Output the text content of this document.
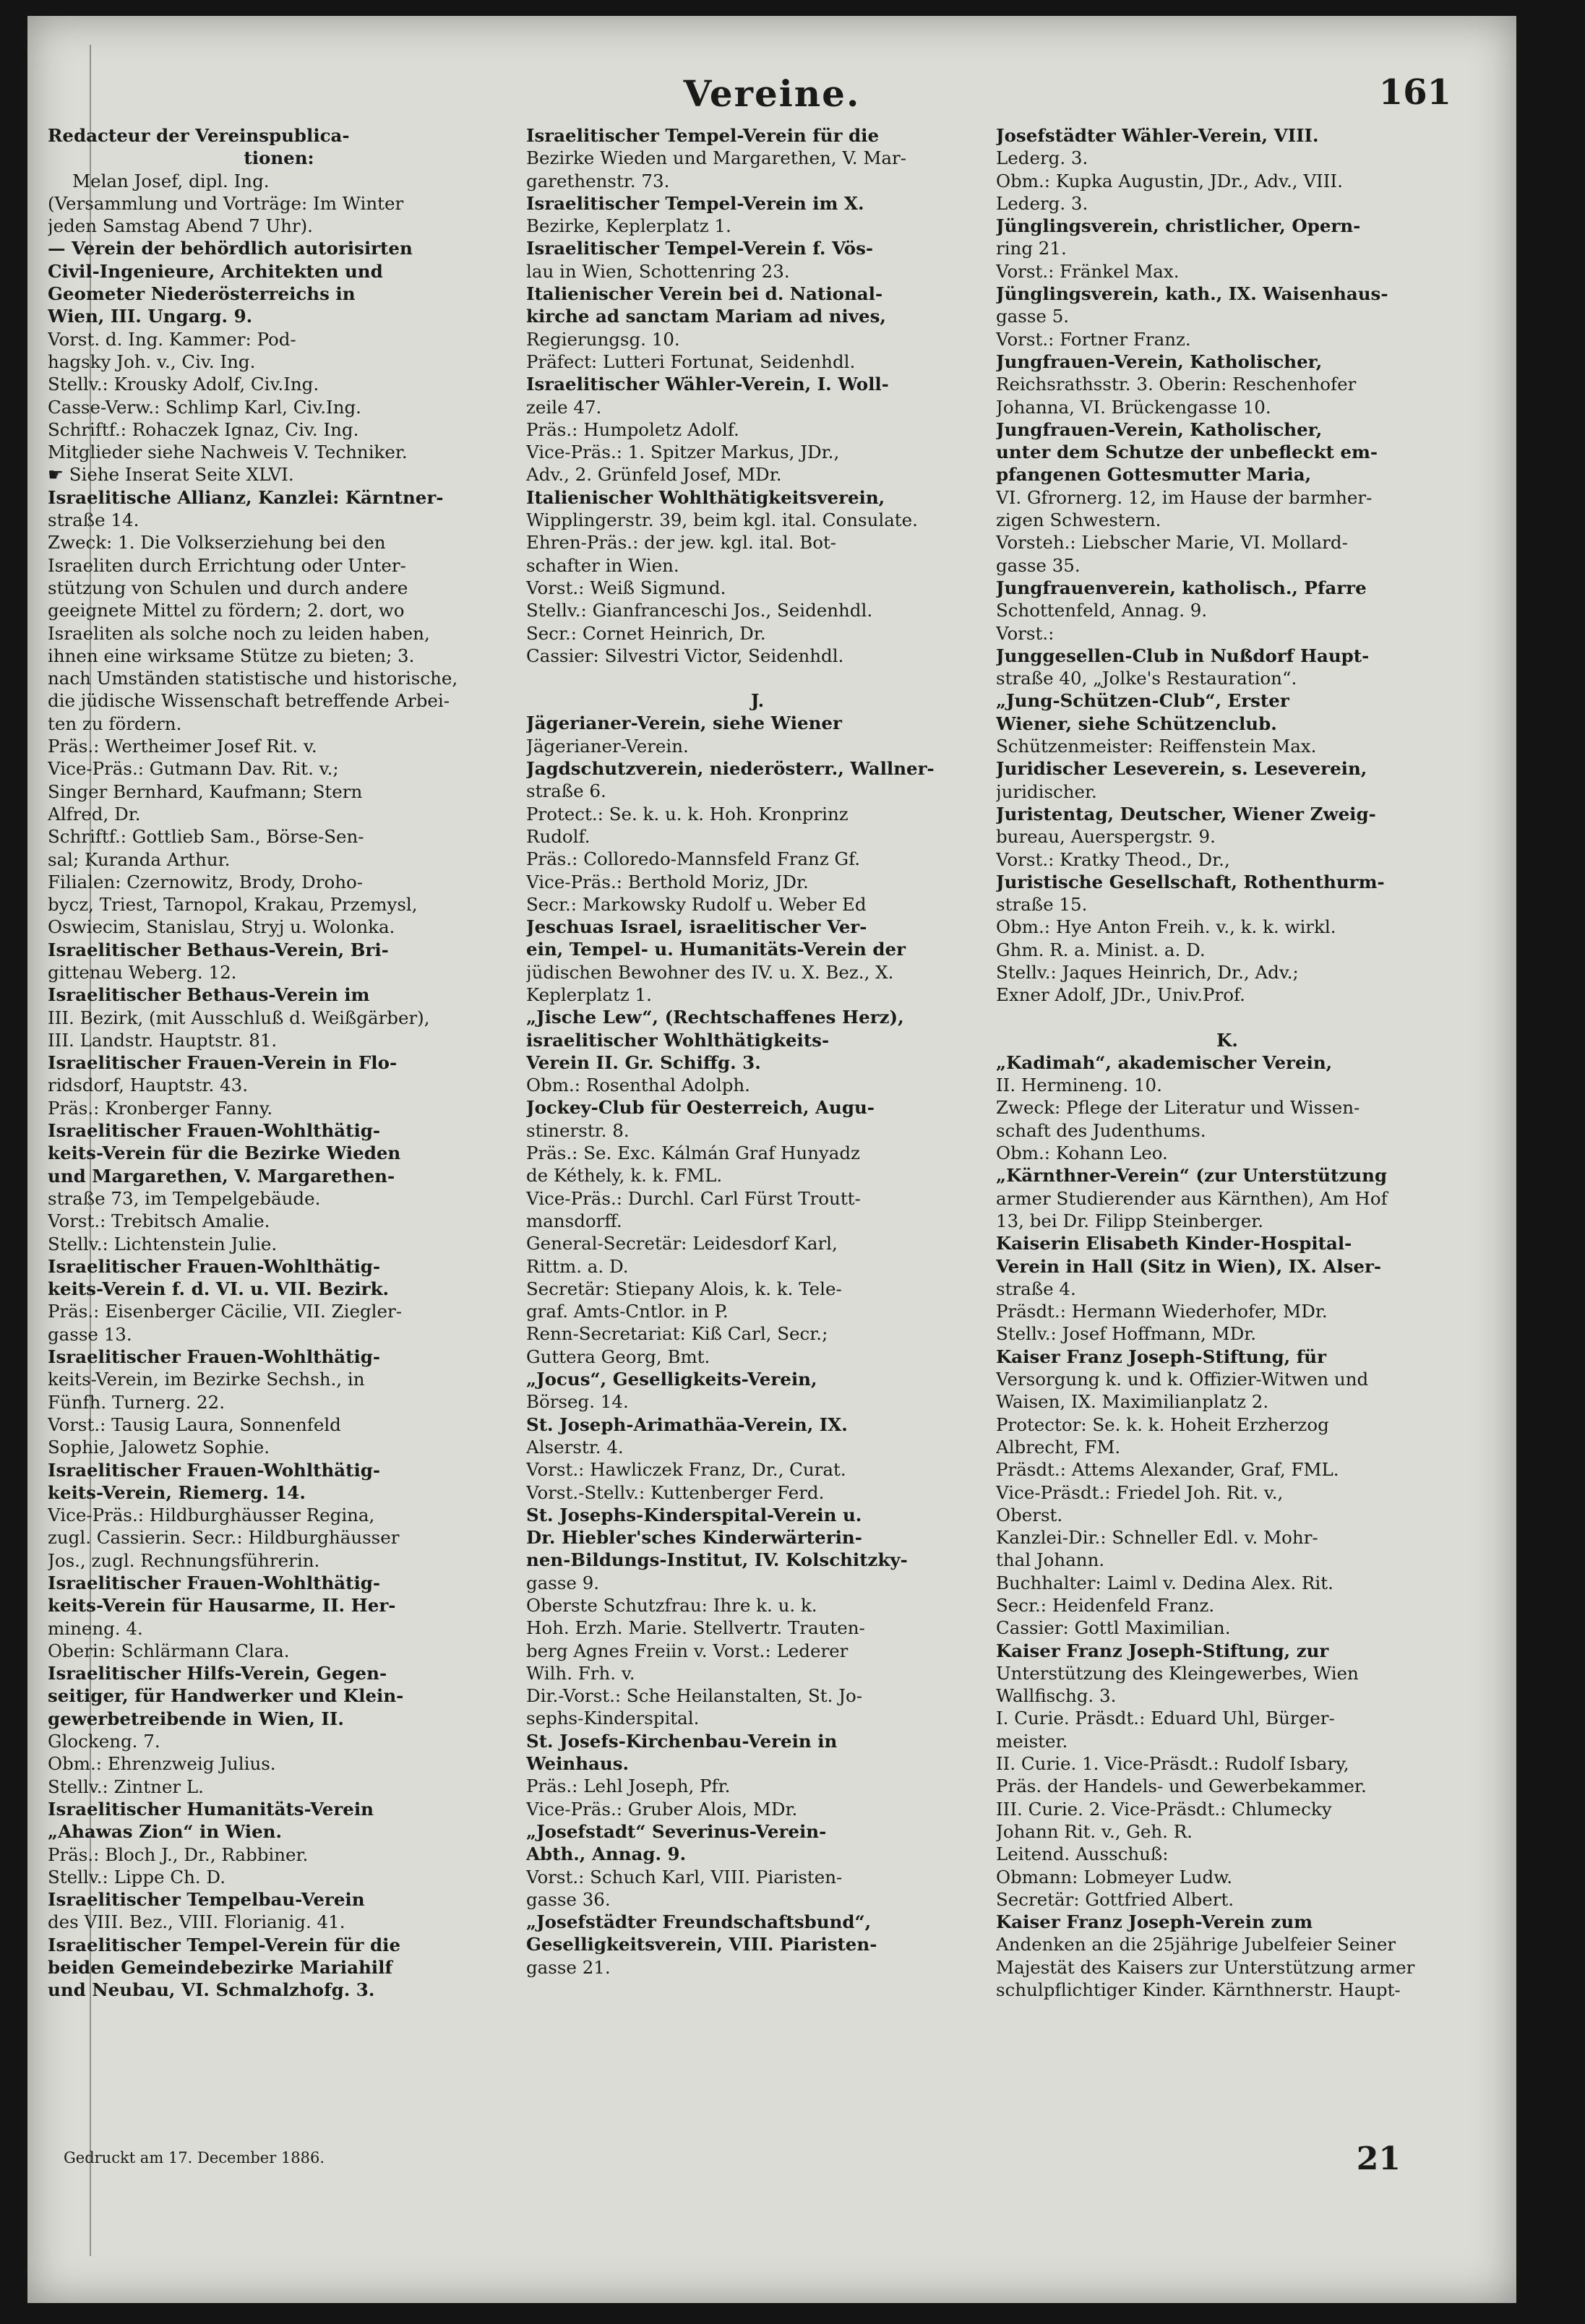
Vereine.	161
Redacteur der Vereinspublica-
tionen:
Melan Josef, dipl. Ing.
(Versammlung und Vorträge: Im Winter
jeden Samstag Abend 7 Uhr).
— Verein der behördlich autorisirten
Civil-Ingenieure, Architekten und
Geometer Niederösterreichs in
Wien, III. Ungarg. 9.
Vorst. d. Ing. Kammer: Pod-
hagsky Joh. v., Civ. Ing.
Stellv.: Krousky Adolf, Civ.Ing.
Casse-Verw.: Schlimp Karl, Civ.Ing.
Schriftf.: Rohaczek Ignaz, Civ. Ing.
Mitglieder siehe Nachweis V. Techniker.
☛ Siehe Inserat Seite XLVI.
Israelitische Allianz, Kanzlei: Kärntner-
straße 14.
Zweck: 1. Die Volkserziehung bei den
Israeliten durch Errichtung oder Unter-
stützung von Schulen und durch andere
geeignete Mittel zu fördern; 2. dort, wo
Israeliten als solche noch zu leiden haben,
ihnen eine wirksame Stütze zu bieten; 3.
nach Umständen statistische und historische,
die jüdische Wissenschaft betreffende Arbei-
ten zu fördern.
Präs.: Wertheimer Josef Rit. v.
Vice-Präs.: Gutmann Dav. Rit. v.;
Singer Bernhard, Kaufmann; Stern
Alfred, Dr.
Schriftf.: Gottlieb Sam., Börse-Sen-
sal; Kuranda Arthur.
Filialen: Czernowitz, Brody, Droho-
bycz, Triest, Tarnopol, Krakau, Przemysl,
Oswiecim, Stanislau, Stryj u. Wolonka.
Israelitischer Bethaus-Verein, Bri-
gittenau Weberg. 12.
Israelitischer Bethaus-Verein im
III. Bezirk, (mit Ausschluß d. Weißgärber),
III. Landstr. Hauptstr. 81.
Israelitischer Frauen-Verein in Flo-
ridsdorf, Hauptstr. 43.
Präs.: Kronberger Fanny.
Israelitischer Frauen-Wohlthätig-
keits-Verein für die Bezirke Wieden
und Margarethen, V. Margarethen-
straße 73, im Tempelgebäude.
Vorst.: Trebitsch Amalie.
Stellv.: Lichtenstein Julie.
Israelitischer Frauen-Wohlthätig-
keits-Verein f. d. VI. u. VII. Bezirk.
Präs.: Eisenberger Cäcilie, VII. Ziegler-
gasse 13.
Israelitischer Frauen-Wohlthätig-
keits-Verein, im Bezirke Sechsh., in
Fünfh. Turnerg. 22.
Vorst.: Tausig Laura, Sonnenfeld
Sophie, Jalowetz Sophie.
Israelitischer Frauen-Wohlthätig-
keits-Verein, Riemerg. 14.
Vice-Präs.: Hildburghäusser Regina,
zugl. Cassierin. Secr.: Hildburghäusser
Jos., zugl. Rechnungsführerin.
Israelitischer Frauen-Wohlthätig-
keits-Verein für Hausarme, II. Her-
mineng. 4.
Oberin: Schlärmann Clara.
Israelitischer Hilfs-Verein, Gegen-
seitiger, für Handwerker und Klein-
gewerbetreibende in Wien, II.
Glockeng. 7.
Obm.: Ehrenzweig Julius.
Stellv.: Zintner L.
Israelitischer Humanitäts-Verein
„Ahawas Zion“ in Wien.
Präs.: Bloch J., Dr., Rabbiner.
Stellv.: Lippe Ch. D.
Israelitischer Tempelbau-Verein
des VIII. Bez., VIII. Florianig. 41.
Israelitischer Tempel-Verein für die
beiden Gemeindebezirke Mariahilf
und Neubau, VI. Schmalzhofg. 3.
Israelitischer Tempel-Verein für die
Bezirke Wieden und Margarethen, V. Mar-
garethenstr. 73.
Israelitischer Tempel-Verein im X.
Bezirke, Keplerplatz 1.
Israelitischer Tempel-Verein f. Vös-
lau in Wien, Schottenring 23.
Italienischer Verein bei d. National-
kirche ad sanctam Mariam ad nives,
Regierungsg. 10.
Präfect: Lutteri Fortunat, Seidenhdl.
Israelitischer Wähler-Verein, I. Woll-
zeile 47.
Präs.: Humpoletz Adolf.
Vice-Präs.: 1. Spitzer Markus, JDr.,
Adv., 2. Grünfeld Josef, MDr.
Italienischer Wohlthätigkeitsverein,
Wipplingerstr. 39, beim kgl. ital. Consulate.
Ehren-Präs.: der jew. kgl. ital. Bot-
schafter in Wien.
Vorst.: Weiß Sigmund.
Stellv.: Gianfranceschi Jos., Seidenhdl.
Secr.: Cornet Heinrich, Dr.
Cassier: Silvestri Victor, Seidenhdl.
J.
Jägerianer-Verein, siehe Wiener
Jägerianer-Verein.
Jagdschutzverein, niederösterr., Wallner-
straße 6.
Protect.: Se. k. u. k. Hoh. Kronprinz
Rudolf.
Präs.: Colloredo-Mannsfeld Franz Gf.
Vice-Präs.: Berthold Moriz, JDr.
Secr.: Markowsky Rudolf u. Weber Ed
Jeschuas Israel, israelitischer Ver-
ein, Tempel- u. Humanitäts-Verein der
jüdischen Bewohner des IV. u. X. Bez., X.
Keplerplatz 1.
„Jische Lew“, (Rechtschaffenes Herz),
israelitischer Wohlthätigkeits-
Verein II. Gr. Schiffg. 3.
Obm.: Rosenthal Adolph.
Jockey-Club für Oesterreich, Augu-
stinerstr. 8.
Präs.: Se. Exc. Kálmán Graf Hunyadz
de Kéthely, k. k. FML.
Vice-Präs.: Durchl. Carl Fürst Troutt-
mansdorff.
General-Secretär: Leidesdorf Karl,
Rittm. a. D.
Secretär: Stiepany Alois, k. k. Tele-
graf. Amts-Cntlor. in P.
Renn-Secretariat: Kiß Carl, Secr.;
Guttera Georg, Bmt.
„Jocus“, Geselligkeits-Verein,
Börseg. 14.
St. Joseph-Arimathäa-Verein, IX.
Alserstr. 4.
Vorst.: Hawliczek Franz, Dr., Curat.
Vorst.-Stellv.: Kuttenberger Ferd.
St. Josephs-Kinderspital-Verein u.
Dr. Hiebler'sches Kinderwärterin-
nen-Bildungs-Institut, IV. Kolschitzky-
gasse 9.
Oberste Schutzfrau: Ihre k. u. k.
Hoh. Erzh. Marie. Stellvertr. Trauten-
berg Agnes Freiin v. Vorst.: Lederer
Wilh. Frh. v.
Dir.-Vorst.: Sche Heilanstalten, St. Jo-
sephs-Kinderspital.
St. Josefs-Kirchenbau-Verein in
Weinhaus.
Präs.: Lehl Joseph, Pfr.
Vice-Präs.: Gruber Alois, MDr.
„Josefstadt“ Severinus-Verein-
Abth., Annag. 9.
Vorst.: Schuch Karl, VIII. Piaristen-
gasse 36.
„Josefstädter Freundschaftsbund“,
Geselligkeitsverein, VIII. Piaristen-
gasse 21.
Josefstädter Wähler-Verein, VIII.
Lederg. 3.
Obm.: Kupka Augustin, JDr., Adv., VIII.
Lederg. 3.
Jünglingsverein, christlicher, Opern-
ring 21.
Vorst.: Fränkel Max.
Jünglingsverein, kath., IX. Waisenhaus-
gasse 5.
Vorst.: Fortner Franz.
Jungfrauen-Verein, Katholischer,
Reichsrathsstr. 3. Oberin: Reschenhofer
Johanna, VI. Brückengasse 10.
Jungfrauen-Verein, Katholischer,
unter dem Schutze der unbefleckt em-
pfangenen Gottesmutter Maria,
VI. Gfrornerg. 12, im Hause der barmher-
zigen Schwestern.
Vorsteh.: Liebscher Marie, VI. Mollard-
gasse 35.
Jungfrauenverein, katholisch., Pfarre
Schottenfeld, Annag. 9.
Vorst.:
Junggesellen-Club in Nußdorf Haupt-
straße 40, „Jolke's Restauration“.
„Jung-Schützen-Club“, Erster
Wiener, siehe Schützenclub.
Schützenmeister: Reiffenstein Max.
Juridischer Leseverein, s. Leseverein,
juridischer.
Juristentag, Deutscher, Wiener Zweig-
bureau, Auerspergstr. 9.
Vorst.: Kratky Theod., Dr.,
Juristische Gesellschaft, Rothenthurm-
straße 15.
Obm.: Hye Anton Freih. v., k. k. wirkl.
Ghm. R. a. Minist. a. D.
Stellv.: Jaques Heinrich, Dr., Adv.;
Exner Adolf, JDr., Univ.Prof.
K.
„Kadimah“, akademischer Verein,
II. Hermineng. 10.
Zweck: Pflege der Literatur und Wissen-
schaft des Judenthums.
Obm.: Kohann Leo.
„Kärnthner-Verein“ (zur Unterstützung
armer Studierender aus Kärnthen), Am Hof
13, bei Dr. Filipp Steinberger.
Kaiserin Elisabeth Kinder-Hospital-
Verein in Hall (Sitz in Wien), IX. Alser-
straße 4.
Präsdt.: Hermann Wiederhofer, MDr.
Stellv.: Josef Hoffmann, MDr.
Kaiser Franz Joseph-Stiftung, für
Versorgung k. und k. Offizier-Witwen und
Waisen, IX. Maximilianplatz 2.
Protector: Se. k. k. Hoheit Erzherzog
Albrecht, FM.
Präsdt.: Attems Alexander, Graf, FML.
Vice-Präsdt.: Friedel Joh. Rit. v.,
Oberst.
Kanzlei-Dir.: Schneller Edl. v. Mohr-
thal Johann.
Buchhalter: Laiml v. Dedina Alex. Rit.
Secr.: Heidenfeld Franz.
Cassier: Gottl Maximilian.
Kaiser Franz Joseph-Stiftung, zur
Unterstützung des Kleingewerbes, Wien
Wallfischg. 3.
I. Curie. Präsdt.: Eduard Uhl, Bürger-
meister.
II. Curie. 1. Vice-Präsdt.: Rudolf Isbary,
Präs. der Handels- und Gewerbekammer.
III. Curie. 2. Vice-Präsdt.: Chlumecky
Johann Rit. v., Geh. R.
Leitend. Ausschuß:
Obmann: Lobmeyer Ludw.
Secretär: Gottfried Albert.
Kaiser Franz Joseph-Verein zum
Andenken an die 25jährige Jubelfeier Seiner
Majestät des Kaisers zur Unterstützung armer
schulpflichtiger Kinder. Kärnthnerstr. Haupt-
Gedruckt am 17. December 1886.	21
